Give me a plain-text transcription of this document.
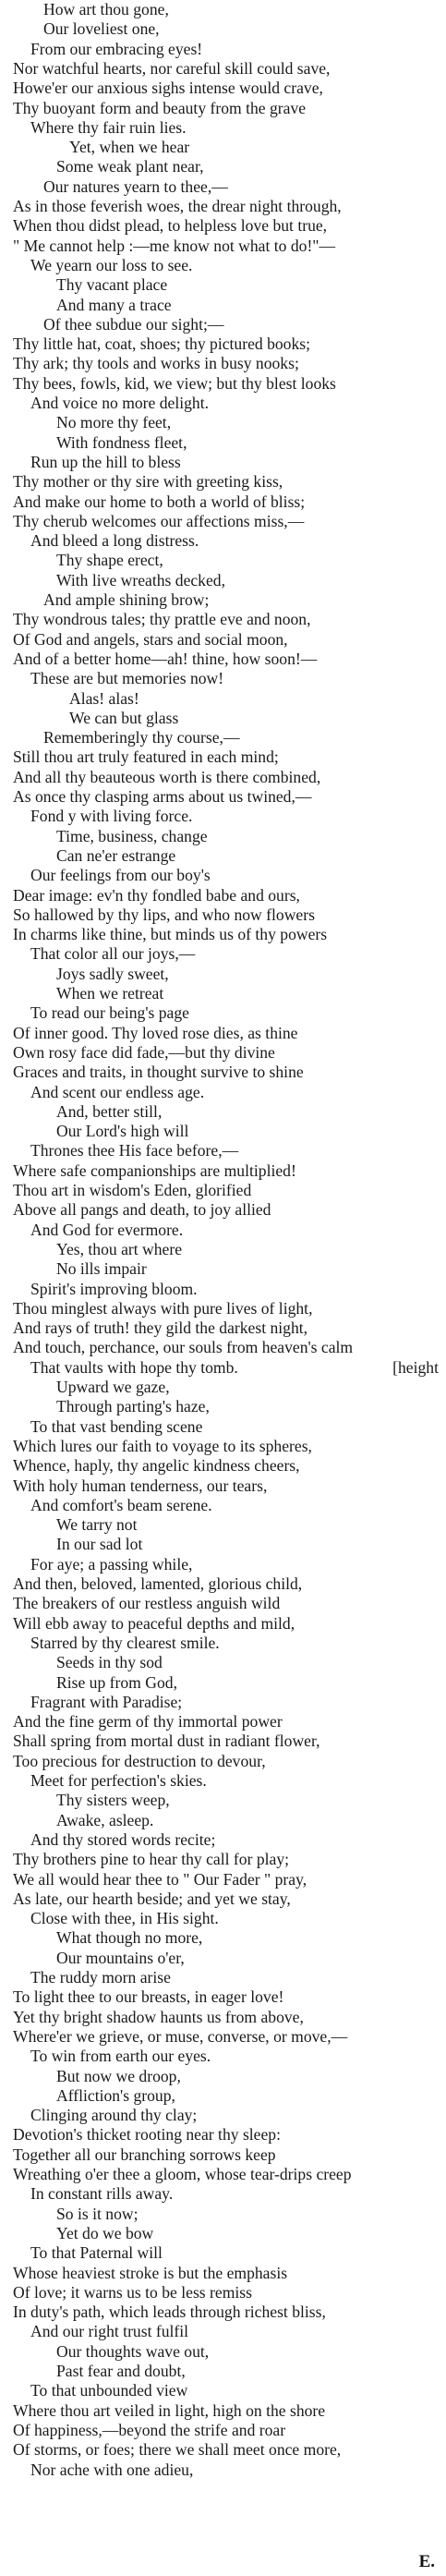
How art thou gone,
Our loveliest one,
From our embracing eyes!
Nor watchful hearts, nor careful skill could save,
Howe'er our anxious sighs intense would crave,
Thy buoyant form and beauty from the grave
Where thy fair ruin lies.
Yet, when we hear
Some weak plant near,
Our natures yearn to thee,—
As in those feverish woes, the drear night through,
When thou didst plead, to helpless love but true,
" Me cannot help :—me know not what to do!"—
We yearn our loss to see.
Thy vacant place
And many a trace
Of thee subdue our sight;—
Thy little hat, coat, shoes; thy pictured books;
Thy ark; thy tools and works in busy nooks;
Thy bees, fowls, kid, we view; but thy blest looks
And voice no more delight.
No more thy feet,
With fondness fleet,
Run up the hill to bless
Thy mother or thy sire with greeting kiss,
And make our home to both a world of bliss;
Thy cherub welcomes our affections miss,—
And bleed a long distress.
Thy shape erect,
With live wreaths decked,
And ample shining brow;
Thy wondrous tales; thy prattle eve and noon,
Of God and angels, stars and social moon,
And of a better home—ah! thine, how soon!—
These are but memories now!
Alas! alas!
We can but glass
Rememberingly thy course,—
Still thou art truly featured in each mind;
And all thy beauteous worth is there combined,
As once thy clasping arms about us twined,—
Fond y with living force.
Time, business, change
Can ne'er estrange
Our feelings from our boy's
Dear image: ev'n thy fondled babe and ours,
So hallowed by thy lips, and who now flowers
In charms like thine, but minds us of thy powers
That color all our joys,—
Joys sadly sweet,
When we retreat
To read our being's page
Of inner good. Thy loved rose dies, as thine
Own rosy face did fade,—but thy divine
Graces and traits, in thought survive to shine
And scent our endless age.
And, better still,
Our Lord's high will
Thrones thee His face before,—
Where safe companionships are multiplied!
Thou art in wisdom's Eden, glorified
Above all pangs and death, to joy allied
And God for evermore.
Yes, thou art where
No ills impair
Spirit's improving bloom.
Thou minglest always with pure lives of light,
And rays of truth! they gild the darkest night,
And touch, perchance, our souls from heaven's calm
That vaults with hope thy tomb.	[height
Upward we gaze,
Through parting's haze,
To that vast bending scene
Which lures our faith to voyage to its spheres,
Whence, haply, thy angelic kindness cheers,
With holy human tenderness, our tears,
And comfort's beam serene.
We tarry not
In our sad lot
For aye; a passing while,
And then, beloved, lamented, glorious child,
The breakers of our restless anguish wild
Will ebb away to peaceful depths and mild,
Starred by thy clearest smile.
Seeds in thy sod
Rise up from God,
Fragrant with Paradise;
And the fine germ of thy immortal power
Shall spring from mortal dust in radiant flower,
Too precious for destruction to devour,
Meet for perfection's skies.
Thy sisters weep,
Awake, asleep.
And thy stored words recite;
Thy brothers pine to hear thy call for play;
We all would hear thee to " Our Fader " pray,
As late, our hearth beside; and yet we stay,
Close with thee, in His sight.
What though no more,
Our mountains o'er,
The ruddy morn arise
To light thee to our breasts, in eager love!
Yet thy bright shadow haunts us from above,
Where'er we grieve, or muse, converse, or move,—
To win from earth our eyes.
But now we droop,
Affliction's group,
Clinging around thy clay;
Devotion's thicket rooting near thy sleep:
Together all our branching sorrows keep
Wreathing o'er thee a gloom, whose tear-drips creep
In constant rills away.
So is it now;
Yet do we bow
To that Paternal will
Whose heaviest stroke is but the emphasis
Of love; it warns us to be less remiss
In duty's path, which leads through richest bliss,
And our right trust fulfil
Our thoughts wave out,
Past fear and doubt,
To that unbounded view
Where thou art veiled in light, high on the shore
Of happiness,—beyond the strife and roar
Of storms, or foes; there we shall meet once more,
Nor ache with one adieu,
E.
